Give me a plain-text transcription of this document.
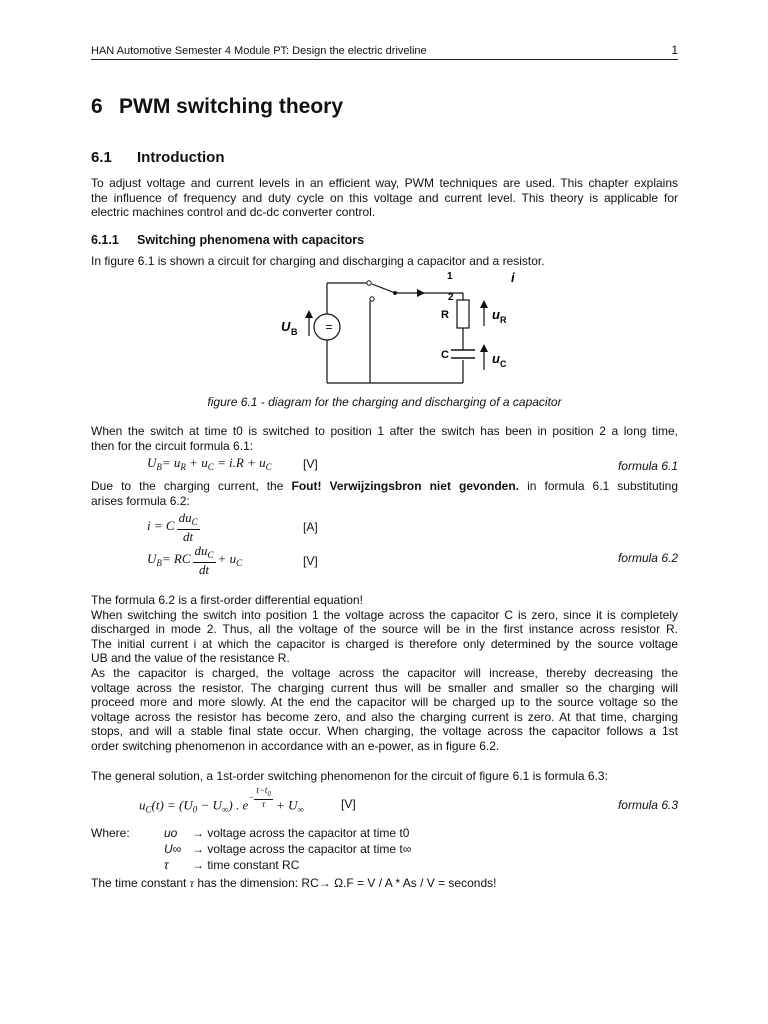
HAN Automotive Semester 4 Module PT: Design the electric driveline	1
6 PWM switching theory
6.1 Introduction
To adjust voltage and current levels in an efficient way, PWM techniques are used. This chapter explains
the influence of frequency and duty cycle on this voltage and current level. This theory is applicable for
electric machines control and dc-dc converter control.
6.1.1 Switching phenomena with capacitors
In figure 6.1 is shown a circuit for charging and discharging a capacitor and a resistor.
=
1
2
i
U B
R	u R
C	u C
figure 6.1 - diagram for the charging and discharging of a capacitor
When the switch at time t0 is switched to position 1 after the switch has been in position 2 a long time,
then for the circuit formula 6.1:
$U_B= u_R + u_C = i.R + u_C$	[V]	formula 6.1
Due to the charging current, the Fout! Verwijzingsbron niet gevonden. in formula 6.1 substituting
arises formula 6.2:
i = C $\frac{du_C}{dt}$	[A]
$U_B=$ RC $\frac{du_C}{dt} + u_C$	[V]	formula 6.2
The formula 6.2 is a first-order differential equation!
When switching the switch into position 1 the voltage across the capacitor C is zero, since it is completely
discharged in mode 2. Thus, all the voltage of the source will be in the first instance across resistor R.
The initial current i at which the capacitor is charged is therefore only determined by the source voltage
UB and the value of the resistance R.
As the capacitor is charged, the voltage across the capacitor will increase, thereby decreasing the
voltage across the resistor. The charging current thus will be smaller and smaller so the charging will
proceed more and more slowly. At the end the capacitor will be charged up to the source voltage so the
voltage across the resistor has become zero, and also the charging current is zero. At that time, charging
stops, and will a stable final state occur. When charging, the voltage across the capacitor follows a 1st
order switching phenomenon in accordance with an e-power, as in figure 6.2.
The general solution, a 1st-order switching phenomenon for the circuit of figure 6.1 is formula 6.3:
$u_C(t) = (U_0 - U_\infty)$ . $e^{- \frac{t-t_0}{\tau}} + U_\infty$	[V]	formula 6.3
Where:	uo → voltage across the capacitor at time t0
U∞ → voltage across the capacitor at time t∞
τ → time constant RC
The time constant τ has the dimension: RC→ Ω.F = V / A * As / V = seconds!
